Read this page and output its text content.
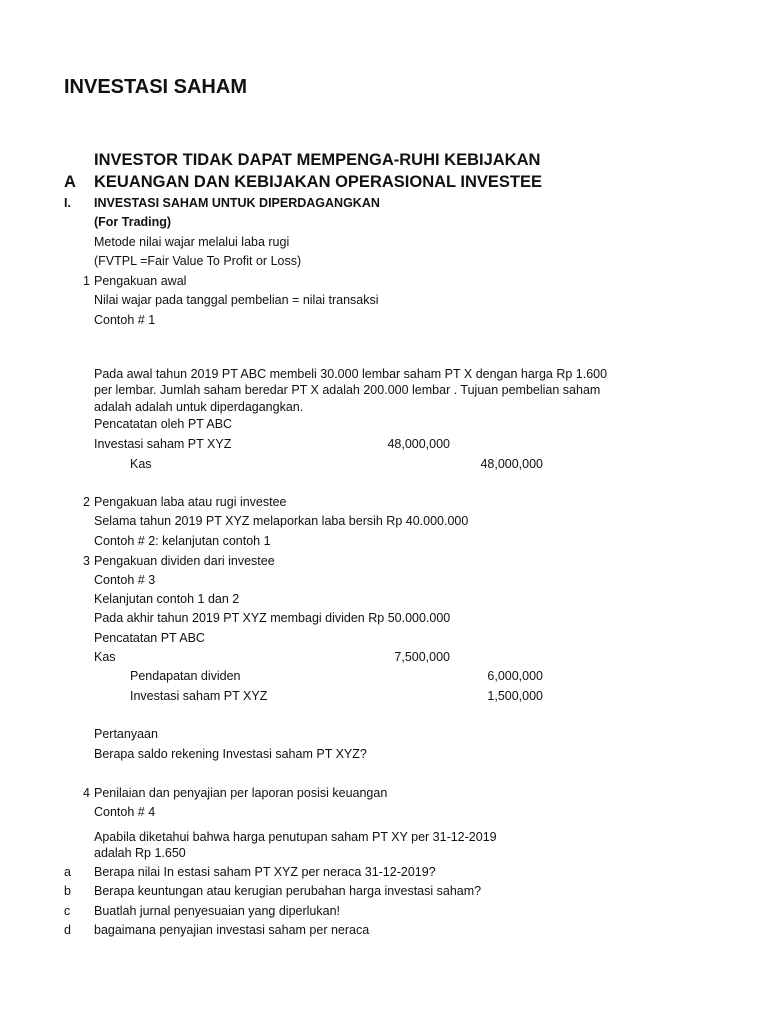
INVESTASI SAHAM
INVESTOR TIDAK DAPAT MEMPENGA-RUHI KEBIJAKAN
A KEUANGAN DAN KEBIJAKAN OPERASIONAL INVESTEE
I. INVESTASI SAHAM UNTUK DIPERDAGANGKAN
(For Trading)
Metode nilai wajar melalui laba rugi
(FVTPL =Fair Value To Profit or Loss)
1 Pengakuan awal
Nilai wajar pada tanggal pembelian = nilai transaksi
Contoh # 1
Pada awal tahun 2019 PT ABC membeli 30.000 lembar saham PT X dengan harga Rp 1.600 per lembar. Jumlah saham beredar PT X adalah 200.000 lembar . Tujuan pembelian saham adalah adalah untuk diperdagangkan.
Pencatatan oleh PT ABC
Investasi saham PT XYZ	48,000,000
Kas	48,000,000
2 Pengakuan laba atau rugi investee
Selama tahun 2019 PT XYZ melaporkan laba bersih Rp 40.000.000
Contoh # 2: kelanjutan contoh 1
3 Pengakuan dividen dari investee
Contoh # 3
Kelanjutan contoh 1 dan 2
Pada akhir tahun 2019 PT XYZ membagi dividen Rp 50.000.000
Pencatatan PT ABC
Kas	7,500,000
Pendapatan dividen	6,000,000
Investasi saham PT XYZ	1,500,000
Pertanyaan
Berapa saldo rekening Investasi saham PT XYZ?
4 Penilaian dan penyajian per laporan posisi keuangan
Contoh # 4
Apabila diketahui bahwa harga penutupan saham PT XY per 31-12-2019
adalah Rp 1.650
a Berapa nilai In estasi saham PT XYZ per neraca 31-12-2019?
b Berapa keuntungan atau kerugian perubahan harga investasi saham?
c Buatlah jurnal penyesuaian yang diperlukan!
d bagaimana penyajian investasi saham per neraca
